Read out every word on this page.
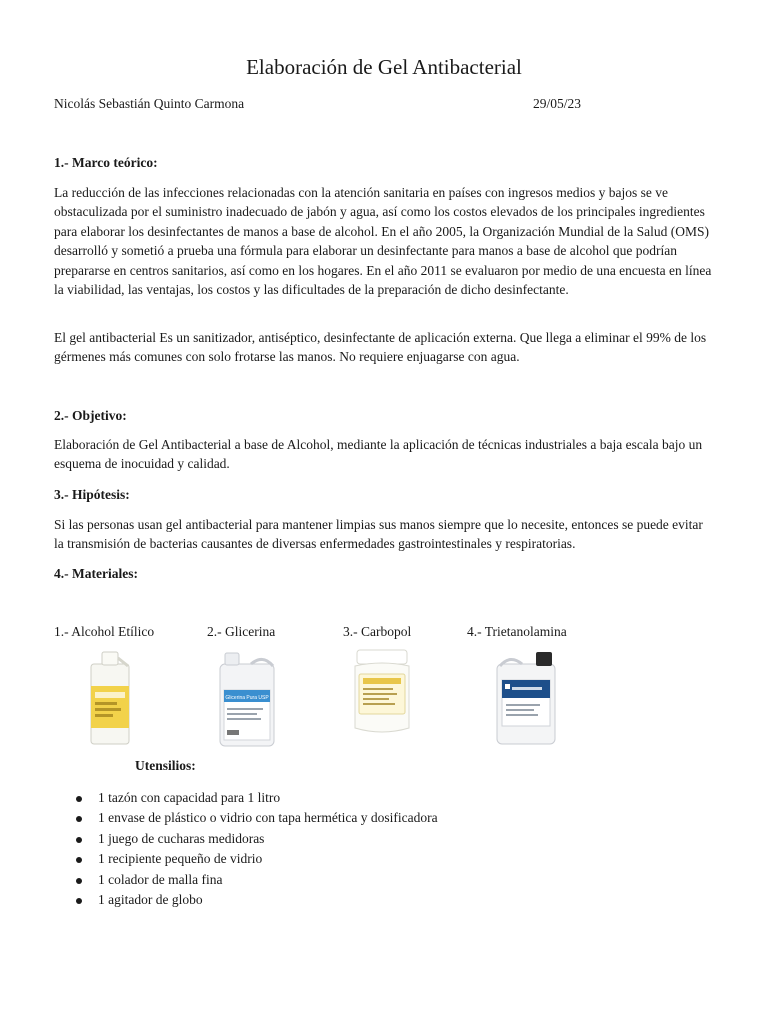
Elaboración de Gel Antibacterial
Nicolás Sebastián Quinto Carmona	29/05/23
1.- Marco teórico:

La reducción de las infecciones relacionadas con la atención sanitaria en países con ingresos medios y bajos se ve obstaculizada por el suministro inadecuado de jabón y agua, así como los costos elevados de los principales ingredientes para elaborar los desinfectantes de manos a base de alcohol. En el año 2005, la Organización Mundial de la Salud (OMS) desarrolló y sometió a prueba una fórmula para elaborar un desinfectante para manos a base de alcohol que podrían prepararse en centros sanitarios, así como en los hogares. En el año 2011 se evaluaron por medio de una encuesta en línea la viabilidad, las ventajas, los costos y las dificultades de la preparación de dicho desinfectante.

El gel antibacterial Es un sanitizador, antiséptico, desinfectante de aplicación externa. Que llega a eliminar el 99% de los gérmenes más comunes con solo frotarse las manos. No requiere enjuagarse con agua.

2.- Objetivo:

Elaboración de Gel Antibacterial a base de Alcohol, mediante la aplicación de técnicas industriales a baja escala bajo un esquema de inocuidad y calidad.

3.- Hipótesis:

Si las personas usan gel antibacterial para mantener limpias sus manos siempre que lo necesite, entonces se puede evitar la transmisión de bacterias causantes de diversas enfermedades gastrointestinales y respiratorias.

4.- Materiales:
1.- Alcohol Etílico	2.- Glicerina	3.- Carbopol	4.- Trietanolamina
Glicerina Pura USP
Utensilios:
1 tazón con capacidad para 1 litro
1 envase de plástico o vidrio con tapa hermética y dosificadora
1 juego de cucharas medidoras
1 recipiente pequeño de vidrio
1 colador de malla fina
1 agitador de globo
